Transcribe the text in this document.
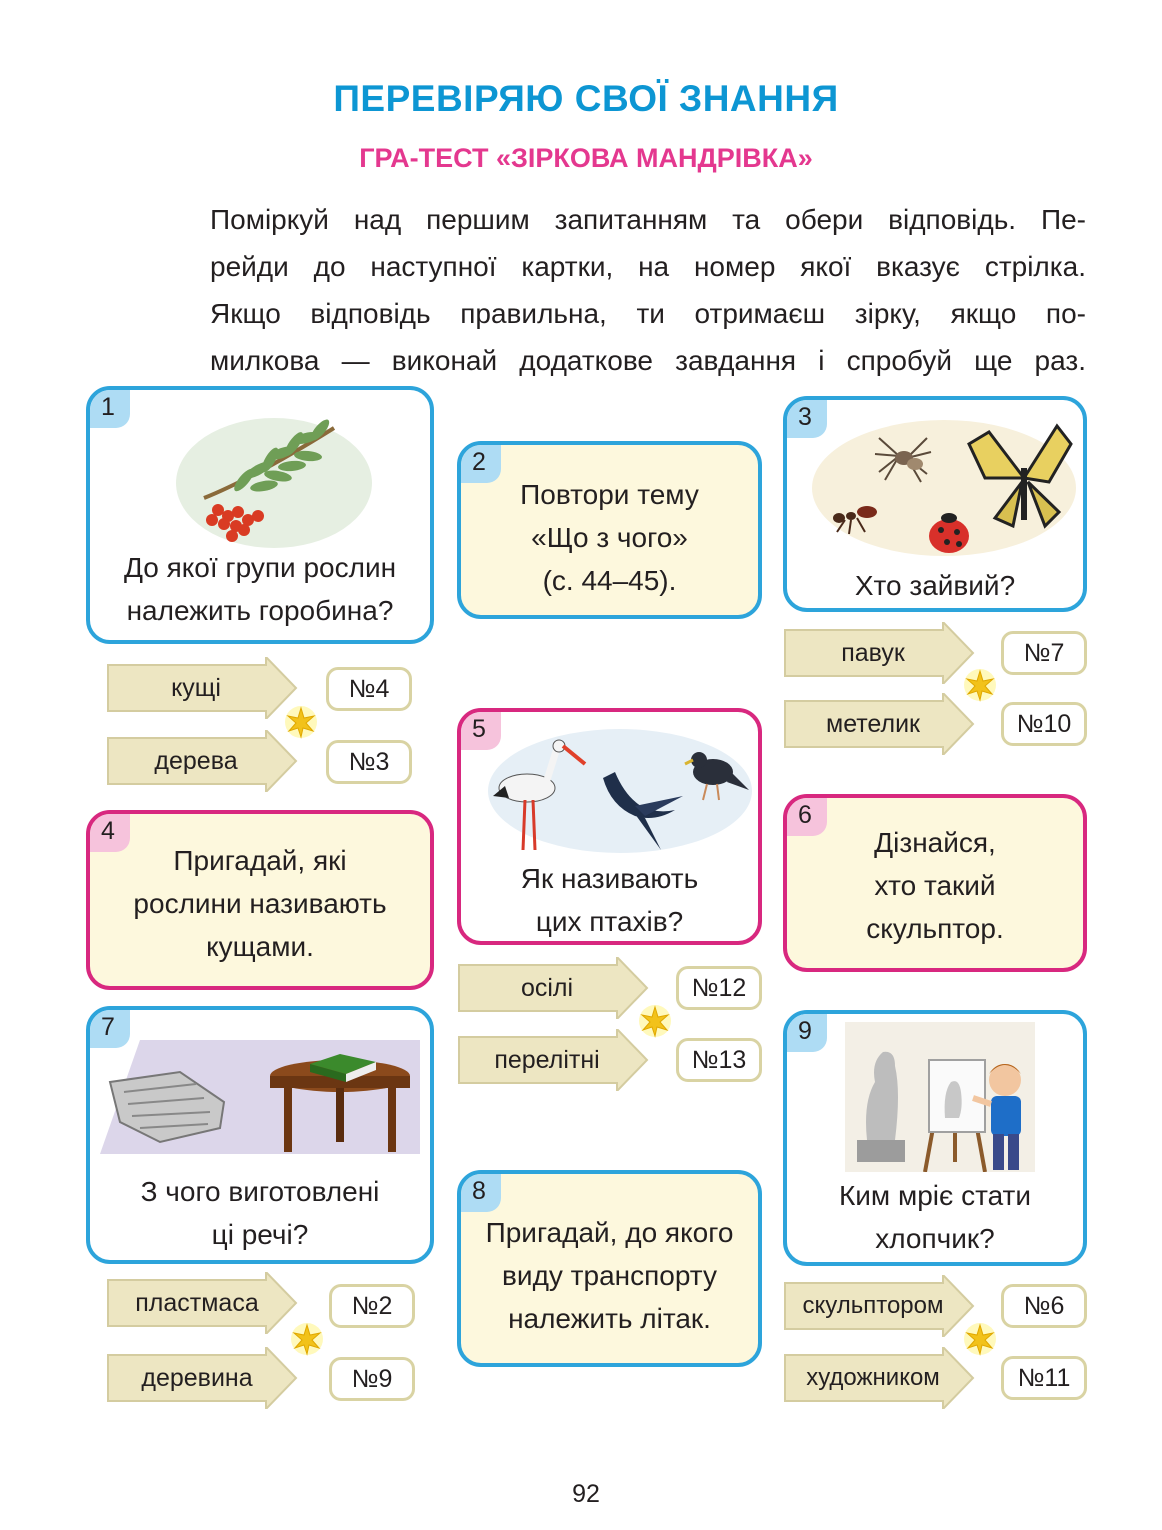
ПЕРЕВІРЯЮ СВОЇ ЗНАННЯ
ГРА-ТЕСТ «ЗІРКОВА МАНДРІВКА»
Поміркуй над першим запитанням та обери відповідь. Пе-
рейди до наступної картки, на номер якої вказує стрілка.
Якщо відповідь правильна, ти отримаєш зірку, якщо по-
милкова — виконай додаткове завдання і спробуй ще раз.
1
До якої групи рослин
належить горобина?
2
Повтори тему
«Що з чого»
(с. 44–45).
3
Хто зайвий?
кущі	№4
дерева	№3
павук	№7
метелик	№10
4
Пригадай, які
рослини називають
кущами.
5
Як називають
цих птахів?
6
Дізнайся,
хто такий
скульптор.
осілі	№12
перелітні	№13
7
З чого виготовлені
ці речі?
8
Пригадай, до якого
виду транспорту
належить літак.
9
Ким мріє стати
хлопчик?
пластмаса	№2
деревина	№9
скульптором	№6
художником	№11
92
